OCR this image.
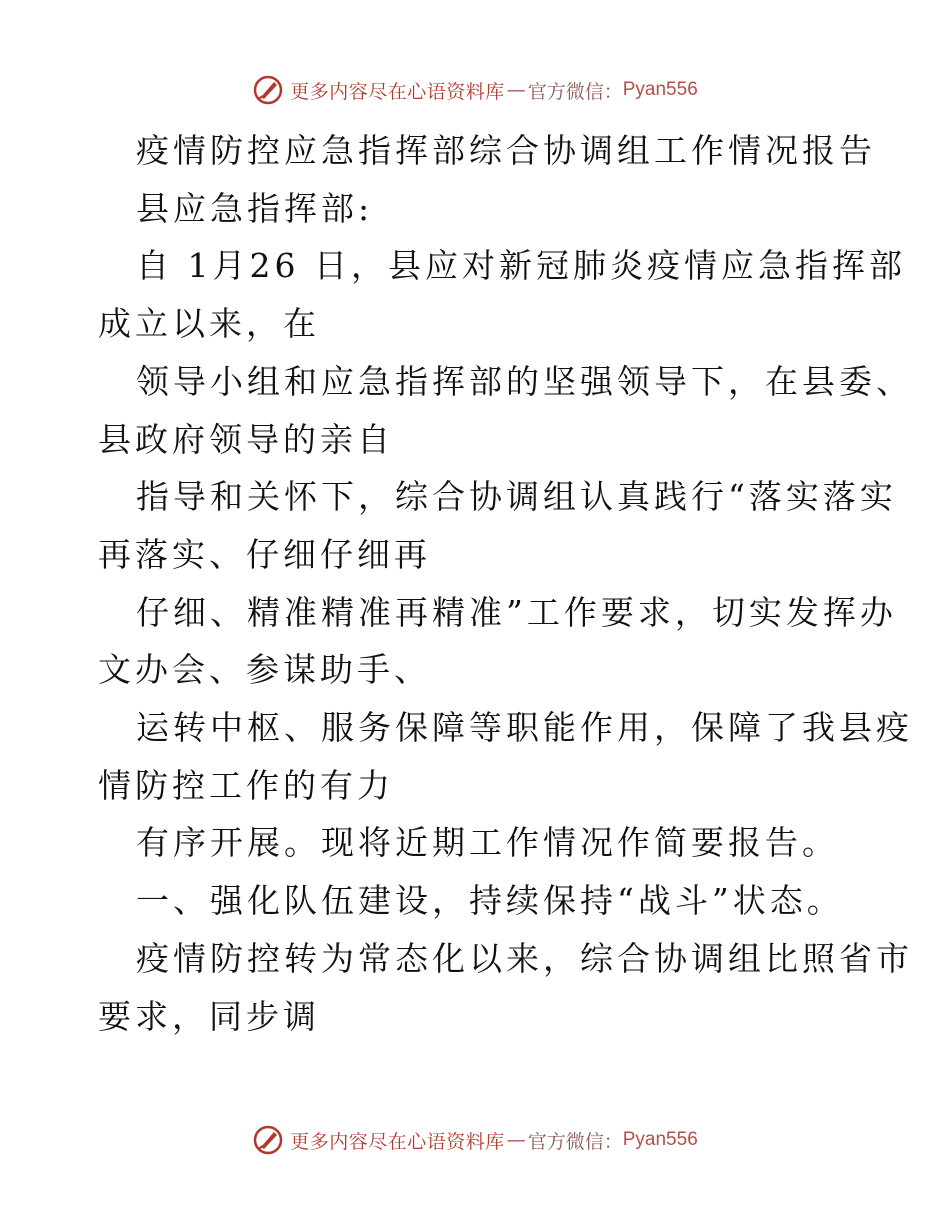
更多内容尽在心语资料库 — 官方微信： Pyan556
疫情防控应急指挥部综合协调组工作情况报告
县应急指挥部:
自 1月26 日，县应对新冠肺炎疫情应急指挥部
成立以来，在
领导小组和应急指挥部的坚强领导下，在县委、
县政府领导的亲自
指导和关怀下，综合协调组认真践行“落实落实
再落实、仔细仔细再
仔细、精准精准再精准”工作要求，切实发挥办
文办会、参谋助手、
运转中枢、服务保障等职能作用，保障了我县疫
情防控工作的有力
有序开展。现将近期工作情况作简要报告。
一、强化队伍建设，持续保持“战斗”状态。
疫情防控转为常态化以来，综合协调组比照省市
要求，同步调
更多内容尽在心语资料库 — 官方微信： Pyan556
